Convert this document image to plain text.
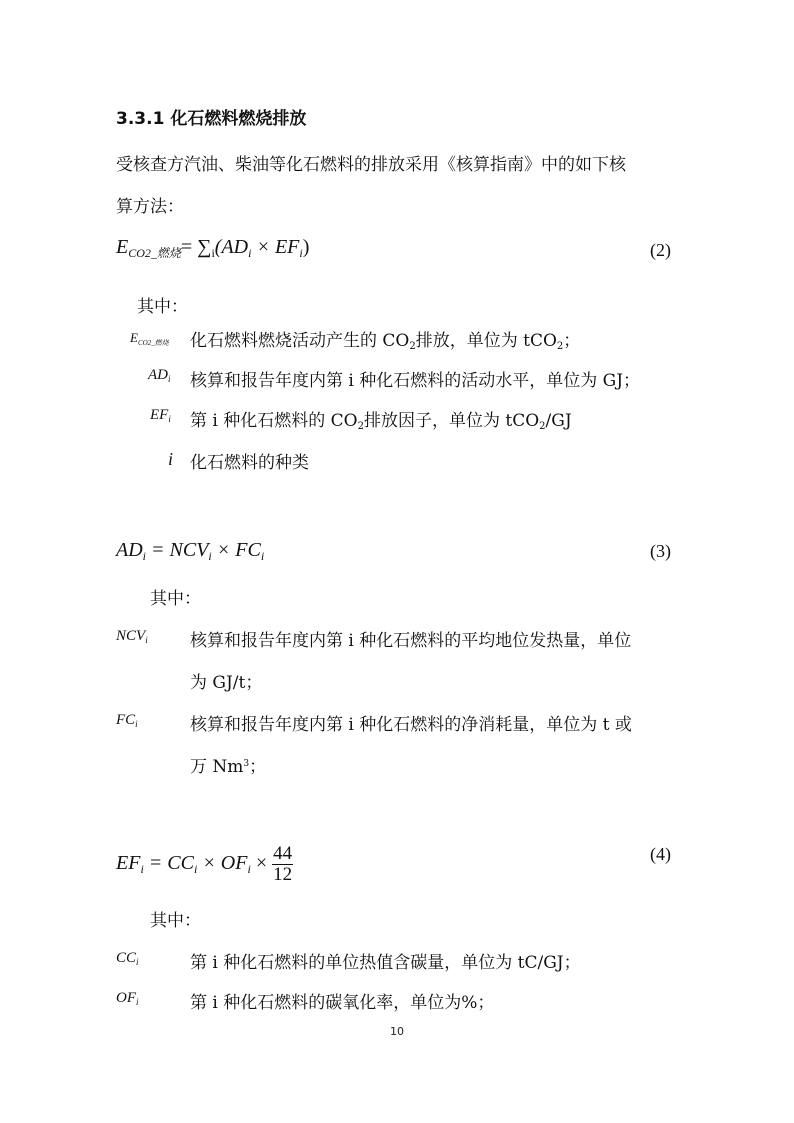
3.3.1 化石燃料燃烧排放
受核查方汽油、柴油等化石燃料的排放采用《核算指南》中的如下核
算方法：
$E_{CO2\_燃烧}= \sum_i(AD_i \times EF_i)$	(2)
其中：
$E_{CO2\_燃烧}$ 化石燃料燃烧活动产生的 $CO_2$排放，单位为 tCO$_2$；
$AD_i$ 核算和报告年度内第 i 种化石燃料的活动水平，单位为 GJ；
$EF_i$ 第 i 种化石燃料的 $CO_2$排放因子，单位为 tCO$_2$/GJ
i 化石燃料的种类
$AD_i = NCV_i \times FC_i$	(3)
其中：
$NCV_i$ 核算和报告年度内第 i 种化石燃料的平均地位发热量，单位
为 GJ/t；
$FC_i$	核算和报告年度内第 i 种化石燃料的净消耗量，单位为 t 或
万 Nm$^3$；
$EF_i = CC_i \times OF_i \times \frac{44}{12}$	(4)
其中：
$CC_i$	第 i 种化石燃料的单位热值含碳量，单位为 tC/GJ；
$OF_i$	第 i 种化石燃料的碳氧化率，单位为%；
10
